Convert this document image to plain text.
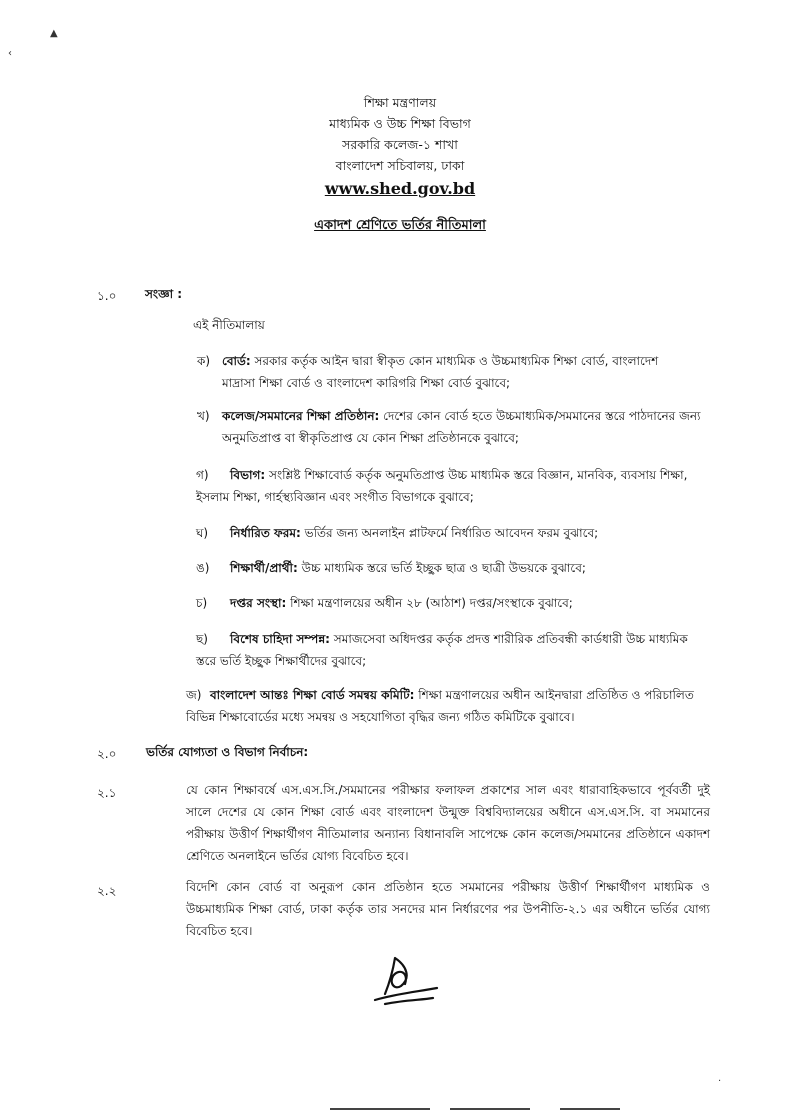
▲
‹
শিক্ষা মন্ত্রণালয়
মাধ্যমিক ও উচ্চ শিক্ষা বিভাগ
সরকারি কলেজ-১ শাখা
বাংলাদেশ সচিবালয়, ঢাকা
www.shed.gov.bd
একাদশ শ্রেণিতে ভর্তির নীতিমালা
১.০ সংজ্ঞা :
এই নীতিমালায়
ক) বোর্ড: সরকার কর্তৃক আইন দ্বারা স্বীকৃত কোন মাধ্যমিক ও উচ্চমাধ্যমিক শিক্ষা বোর্ড, বাংলাদেশ মাদ্রাসা শিক্ষা বোর্ড ও বাংলাদেশ কারিগরি শিক্ষা বোর্ড বুঝাবে;
খ) কলেজ/সমমানের শিক্ষা প্রতিষ্ঠান: দেশের কোন বোর্ড হতে উচ্চমাধ্যমিক/সমমানের স্তরে পাঠদানের জন্য অনুমতিপ্রাপ্ত বা স্বীকৃতিপ্রাপ্ত যে কোন শিক্ষা প্রতিষ্ঠানকে বুঝাবে;
গ)	বিভাগ: সংশ্লিষ্ট শিক্ষাবোর্ড কর্তৃক অনুমতিপ্রাপ্ত উচ্চ মাধ্যমিক স্তরে বিজ্ঞান, মানবিক, ব্যবসায় শিক্ষা, ইসলাম শিক্ষা, গার্হস্থ্যবিজ্ঞান এবং সংগীত বিভাগকে বুঝাবে;
ঘ) নির্ধারিত ফরম: ভর্তির জন্য অনলাইন প্লাটফর্মে নির্ধারিত আবেদন ফরম বুঝাবে;
ঙ) শিক্ষার্থী/প্রার্থী: উচ্চ মাধ্যমিক স্তরে ভর্তি ইচ্ছুক ছাত্র ও ছাত্রী উভয়কে বুঝাবে;
চ) দপ্তর সংস্থা: শিক্ষা মন্ত্রণালয়ের অধীন ২৮ (আঠাশ) দপ্তর/সংস্থাকে বুঝাবে;
ছ)	বিশেষ চাহিদা সম্পন্ন: সমাজসেবা অধিদপ্তর কর্তৃক প্রদত্ত শারীরিক প্রতিবন্ধী কার্ডধারী উচ্চ মাধ্যমিক স্তরে ভর্তি ইচ্ছুক শিক্ষার্থীদের বুঝাবে;
জ) বাংলাদেশ আন্তঃ শিক্ষা বোর্ড সমন্বয় কমিটি: শিক্ষা মন্ত্রণালয়ের অধীন আইনদ্বারা প্রতিষ্ঠিত ও পরিচালিত বিভিন্ন শিক্ষাবোর্ডের মধ্যে সমন্বয় ও সহযোগিতা বৃদ্ধির জন্য গঠিত কমিটিকে বুঝাবে।
২.০ ভর্তির যোগ্যতা ও বিভাগ নির্বাচন:
২.১	যে কোন শিক্ষাবর্ষে এস.এস.সি./সমমানের পরীক্ষার ফলাফল প্রকাশের সাল এবং ধারাবাহিকভাবে পূর্ববর্তী দুই সালে দেশের যে কোন শিক্ষা বোর্ড এবং বাংলাদেশ উন্মুক্ত বিশ্ববিদ্যালয়ের অধীনে এস.এস.সি. বা সমমানের পরীক্ষায় উত্তীর্ণ শিক্ষার্থীগণ নীতিমালার অন্যান্য বিধানাবলি সাপেক্ষে কোন কলেজ/সমমানের প্রতিষ্ঠানে একাদশ শ্রেণিতে অনলাইনে ভর্তির যোগ্য বিবেচিত হবে।
২.২	বিদেশি কোন বোর্ড বা অনুরূপ কোন প্রতিষ্ঠান হতে সমমানের পরীক্ষায় উত্তীর্ণ শিক্ষার্থীগণ মাধ্যমিক ও উচ্চমাধ্যমিক শিক্ষা বোর্ড, ঢাকা কর্তৃক তার সনদের মান নির্ধারণের পর উপনীতি-২.১ এর অধীনে ভর্তির যোগ্য বিবেচিত হবে।
·
